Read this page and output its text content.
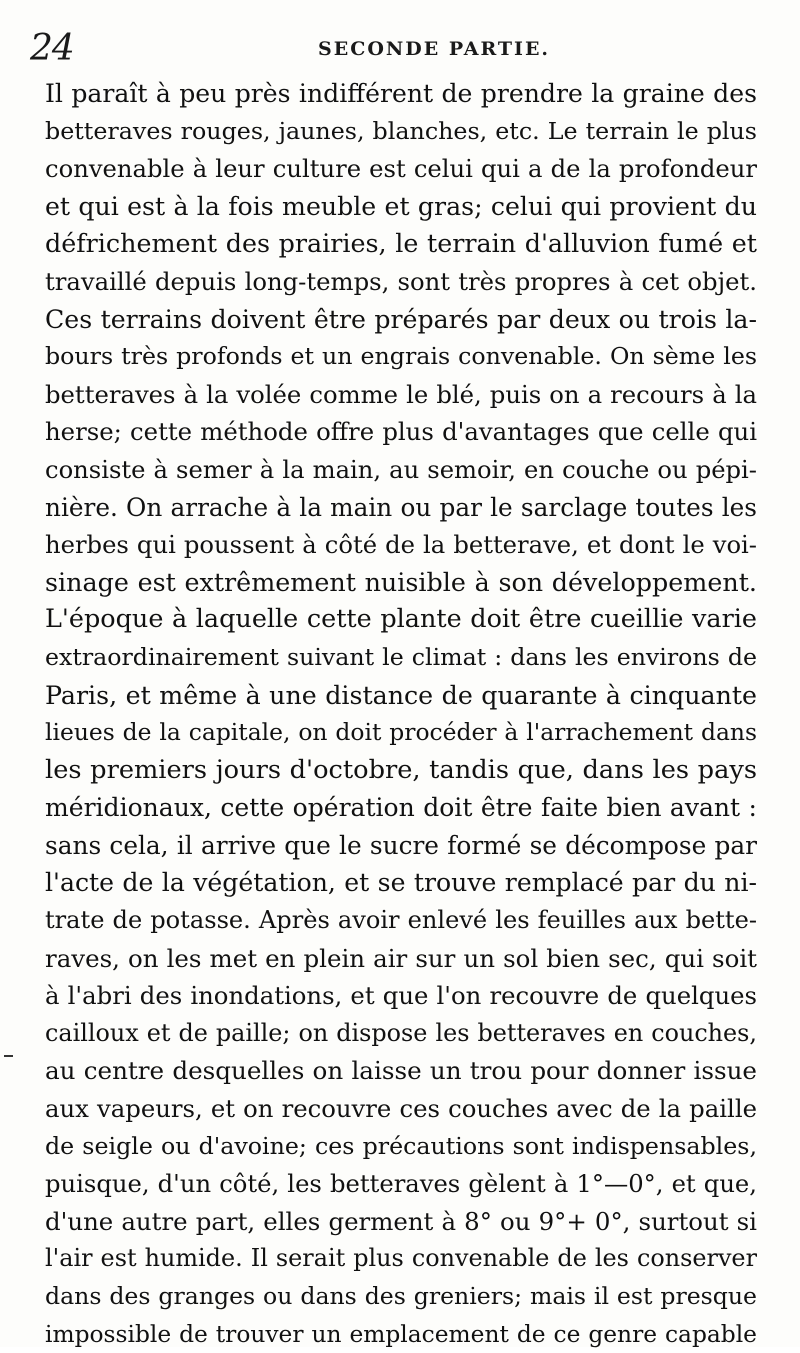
24	SECONDE PARTIE.
Il paraît à peu près indifférent de prendre la graine des
betteraves rouges, jaunes, blanches, etc. Le terrain le plus
convenable à leur culture est celui qui a de la profondeur
et qui est à la fois meuble et gras; celui qui provient du
défrichement des prairies, le terrain d'alluvion fumé et
travaillé depuis long-temps, sont très propres à cet objet.
Ces terrains doivent être préparés par deux ou trois la-
bours très profonds et un engrais convenable. On sème les
betteraves à la volée comme le blé, puis on a recours à la
herse; cette méthode offre plus d'avantages que celle qui
consiste à semer à la main, au semoir, en couche ou pépi-
nière. On arrache à la main ou par le sarclage toutes les
herbes qui poussent à côté de la betterave, et dont le voi-
sinage est extrêmement nuisible à son développement.
L'époque à laquelle cette plante doit être cueillie varie
extraordinairement suivant le climat : dans les environs de
Paris, et même à une distance de quarante à cinquante
lieues de la capitale, on doit procéder à l'arrachement dans
les premiers jours d'octobre, tandis que, dans les pays
méridionaux, cette opération doit être faite bien avant :
sans cela, il arrive que le sucre formé se décompose par
l'acte de la végétation, et se trouve remplacé par du ni-
trate de potasse. Après avoir enlevé les feuilles aux bette-
raves, on les met en plein air sur un sol bien sec, qui soit
à l'abri des inondations, et que l'on recouvre de quelques
cailloux et de paille; on dispose les betteraves en couches,
au centre desquelles on laisse un trou pour donner issue
aux vapeurs, et on recouvre ces couches avec de la paille
de seigle ou d'avoine; ces précautions sont indispensables,
puisque, d'un côté, les betteraves gèlent à 1°—0°, et que,
d'une autre part, elles germent à 8° ou 9°+ 0°, surtout si
l'air est humide. Il serait plus convenable de les conserver
dans des granges ou dans des greniers; mais il est presque
impossible de trouver un emplacement de ce genre capable
